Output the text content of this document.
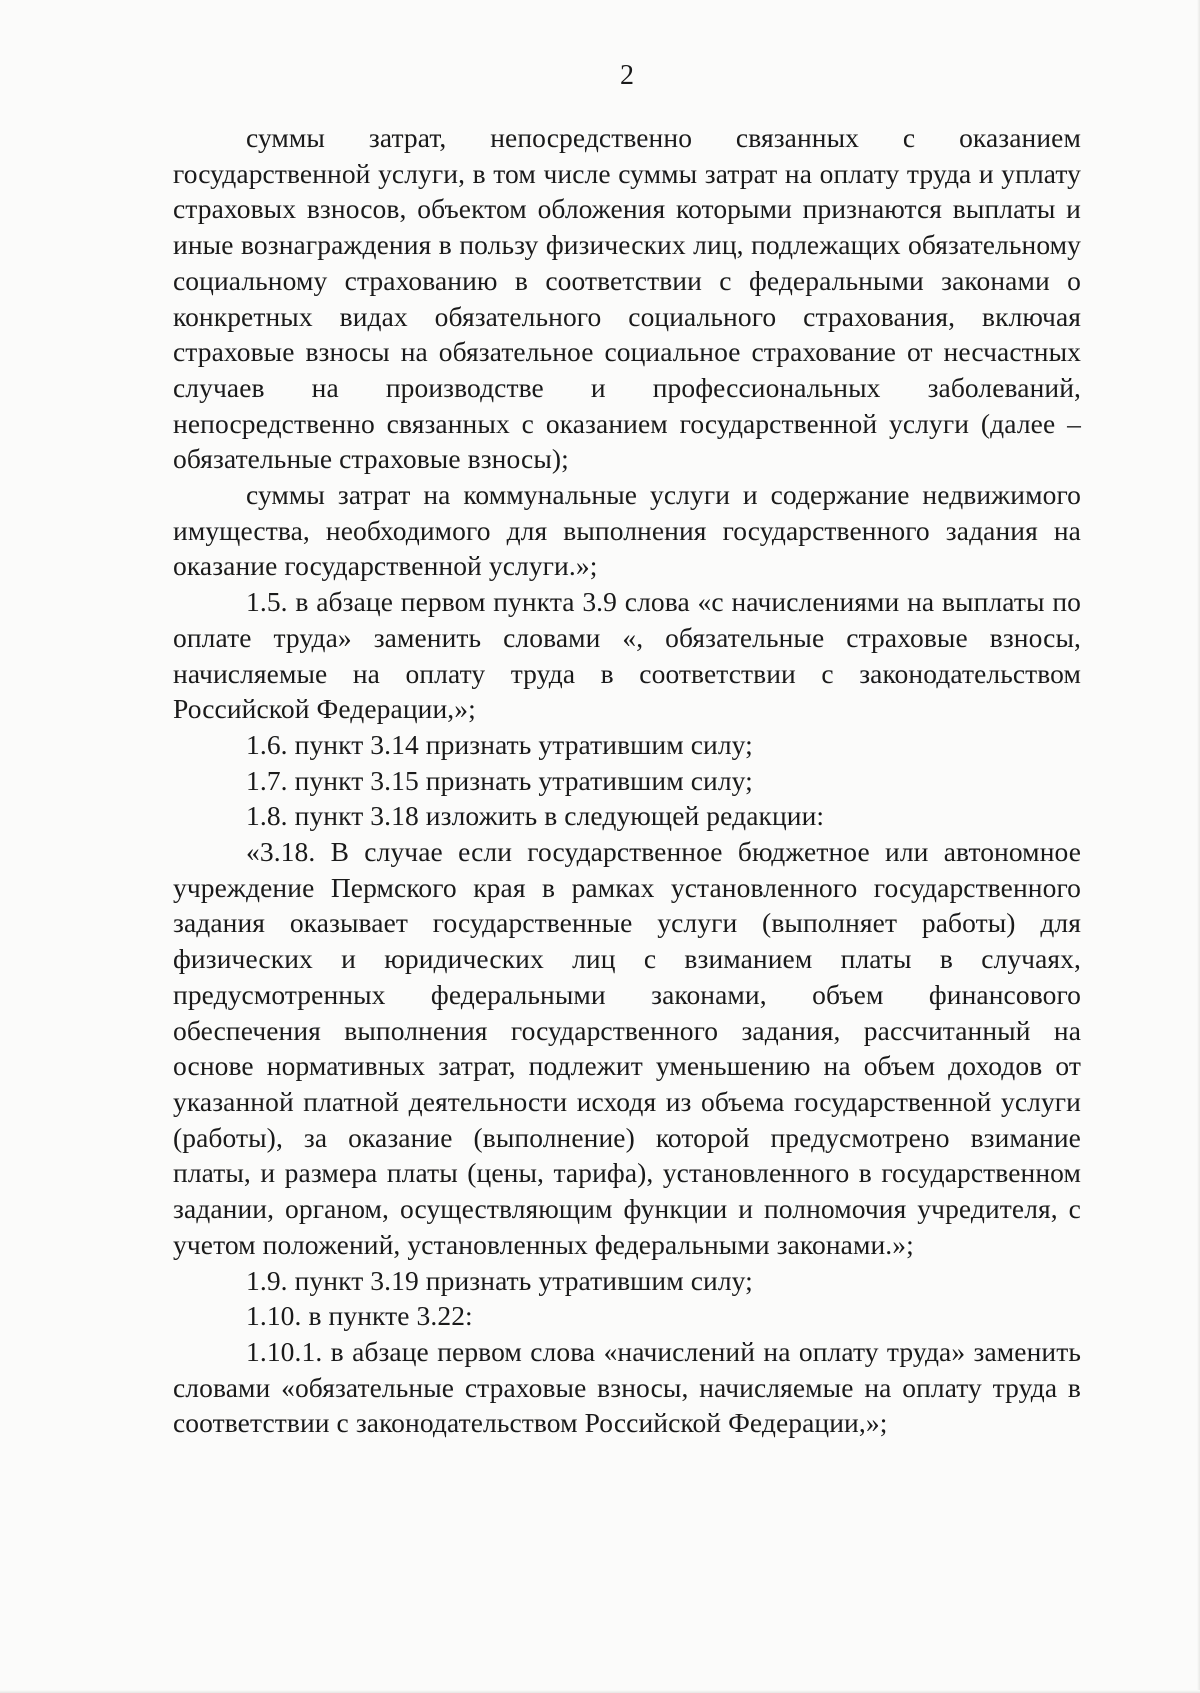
2

суммы затрат, непосредственно связанных с оказанием государственной услуги, в том числе суммы затрат на оплату труда и уплату страховых взносов, объектом обложения которыми признаются выплаты и иные вознаграждения в пользу физических лиц, подлежащих обязательному социальному страхованию в соответствии с федеральными законами о конкретных видах обязательного социального страхования, включая страховые взносы на обязательное социальное страхование от несчастных случаев на производстве и профессиональных заболеваний, непосредственно связанных с оказанием государственной услуги (далее – обязательные страховые взносы);

суммы затрат на коммунальные услуги и содержание недвижимого имущества, необходимого для выполнения государственного задания на оказание государственной услуги.»;

1.5. в абзаце первом пункта 3.9 слова «с начислениями на выплаты по оплате труда» заменить словами «, обязательные страховые взносы, начисляемые на оплату труда в соответствии с законодательством Российской Федерации,»;

1.6. пункт 3.14 признать утратившим силу;

1.7. пункт 3.15 признать утратившим силу;

1.8. пункт 3.18 изложить в следующей редакции:

«3.18. В случае если государственное бюджетное или автономное учреждение Пермского края в рамках установленного государственного задания оказывает государственные услуги (выполняет работы) для физических и юридических лиц с взиманием платы в случаях, предусмотренных федеральными законами, объем финансового обеспечения выполнения государственного задания, рассчитанный на основе нормативных затрат, подлежит уменьшению на объем доходов от указанной платной деятельности исходя из объема государственной услуги (работы), за оказание (выполнение) которой предусмотрено взимание платы, и размера платы (цены, тарифа), установленного в государственном задании, органом, осуществляющим функции и полномочия учредителя, с учетом положений, установленных федеральными законами.»;

1.9. пункт 3.19 признать утратившим силу;

1.10. в пункте 3.22:

1.10.1. в абзаце первом слова «начислений на оплату труда» заменить словами «обязательные страховые взносы, начисляемые на оплату труда в соответствии с законодательством Российской Федерации,»;
